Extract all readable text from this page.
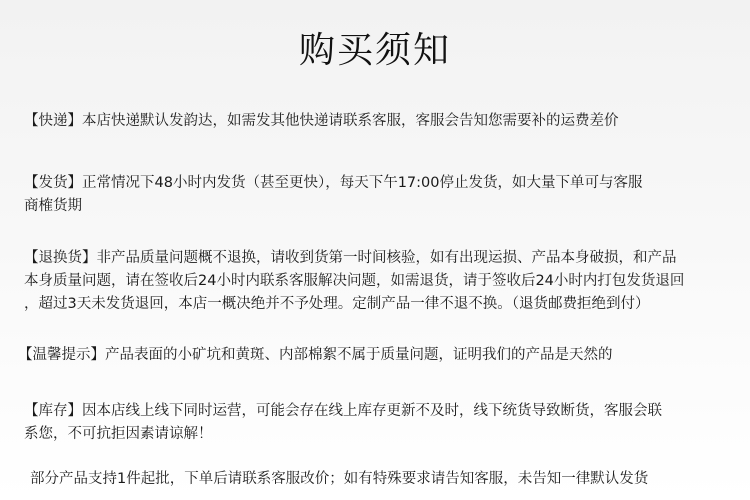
购买须知
【快递】本店快递默认发韵达，如需发其他快递请联系客服，客服会告知您需要补的运费差价
【发货】正常情况下48小时内发货（甚至更快），每天下午17:00停止发货，如大量下单可与客服
商榷货期
【退换货】非产品质量问题概不退换，请收到货第一时间核验，如有出现运损、产品本身破损，和产品
本身质量问题，请在签收后24小时内联系客服解决问题，如需退货，请于签收后24小时内打包发货退回
，超过3天未发货退回，本店一概决绝并不予处理。定制产品一律不退不换。（退货邮费拒绝到付）
【温馨提示】产品表面的小矿坑和黄斑、内部棉絮不属于质量问题，证明我们的产品是天然的
【库存】因本店线上线下同时运营，可能会存在线上库存更新不及时，线下统货导致断货，客服会联
系您，不可抗拒因素请谅解！
部分产品支持1件起批，下单后请联系客服改价；如有特殊要求请告知客服，未告知一律默认发货
